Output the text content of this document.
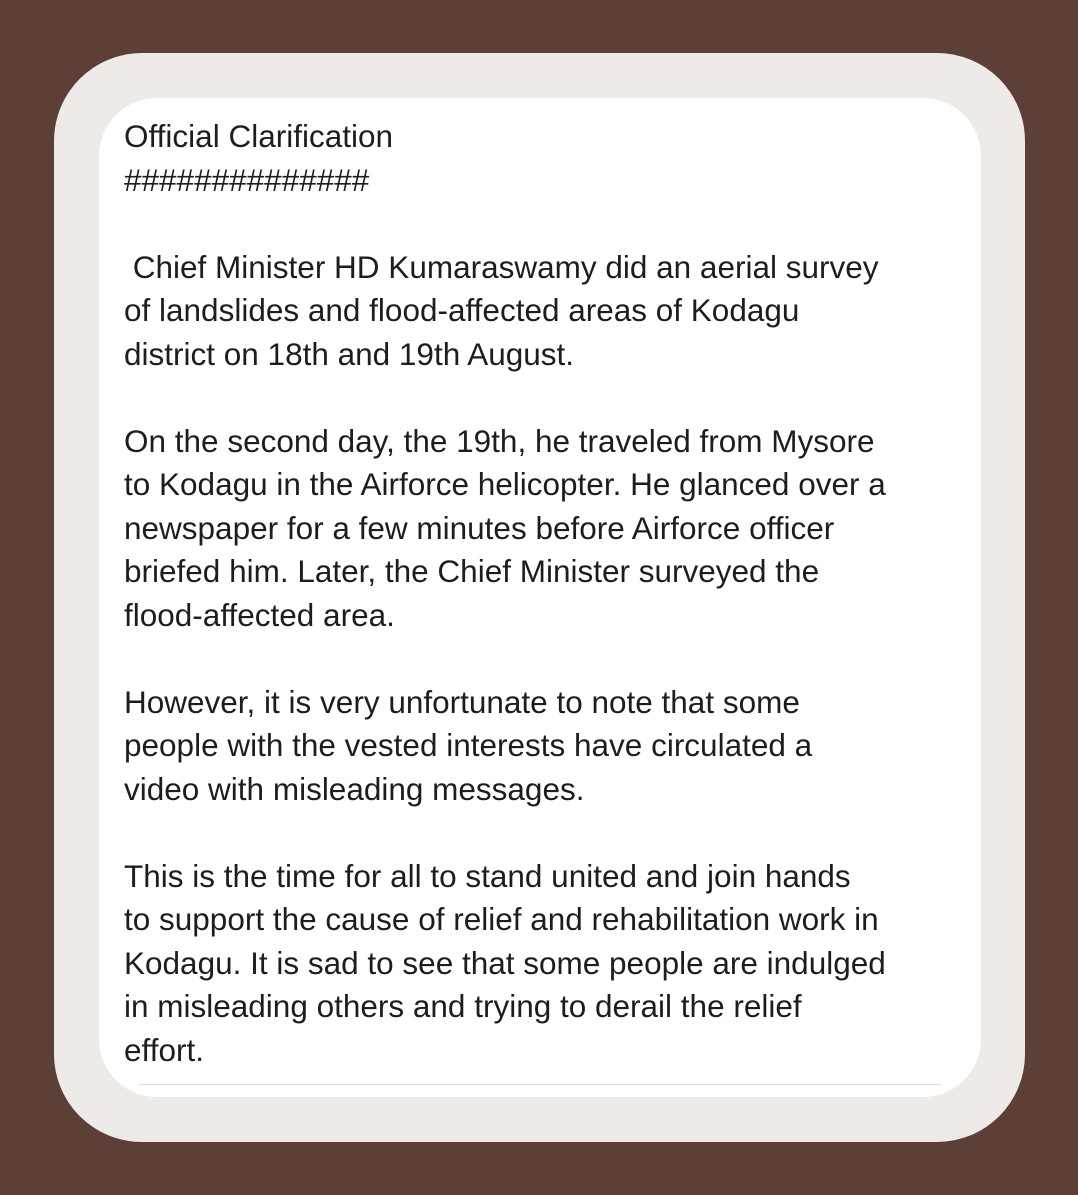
Official Clarification
##############
Chief Minister HD Kumaraswamy did an aerial survey
of landslides and flood-affected areas of Kodagu
district on 18th and 19th August.
On the second day, the 19th, he traveled from Mysore
to Kodagu in the Airforce helicopter. He glanced over a
newspaper for a few minutes before Airforce officer
briefed him. Later, the Chief Minister surveyed the
flood-affected area.
However, it is very unfortunate to note that some
people with the vested interests have circulated a
video with misleading messages.
This is the time for all to stand united and join hands
to support the cause of relief and rehabilitation work in
Kodagu. It is sad to see that some people are indulged
in misleading others and trying to derail the relief
effort.
